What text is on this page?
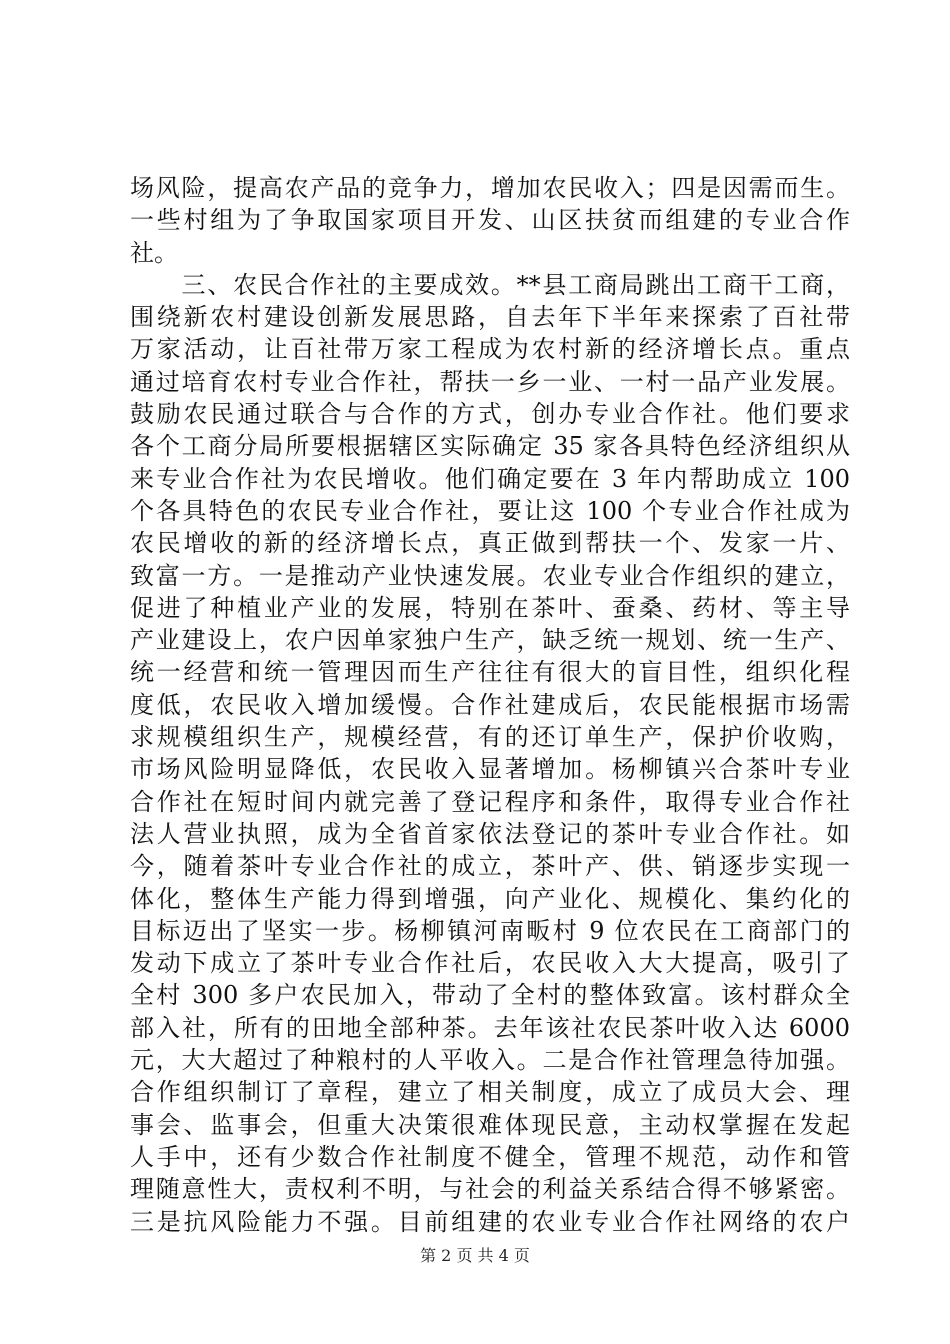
场风险，提高农产品的竞争力，增加农民收入；四是因需而生。
一些村组为了争取国家项目开发、山区扶贫而组建的专业合作
社。
　　三、农民合作社的主要成效。**县工商局跳出工商干工商，
围绕新农村建设创新发展思路，自去年下半年来探索了百社带
万家活动，让百社带万家工程成为农村新的经济增长点。重点
通过培育农村专业合作社，帮扶一乡一业、一村一品产业发展。
鼓励农民通过联合与合作的方式，创办专业合作社。他们要求
各个工商分局所要根据辖区实际确定 35 家各具特色经济组织从
来专业合作社为农民增收。他们确定要在 3 年内帮助成立 100
个各具特色的农民专业合作社，要让这 100 个专业合作社成为
农民增收的新的经济增长点，真正做到帮扶一个、发家一片、
致富一方。一是推动产业快速发展。农业专业合作组织的建立，
促进了种植业产业的发展，特别在茶叶、蚕桑、药材、等主导
产业建设上，农户因单家独户生产，缺乏统一规划、统一生产、
统一经营和统一管理因而生产往往有很大的盲目性，组织化程
度低，农民收入增加缓慢。合作社建成后，农民能根据市场需
求规模组织生产，规模经营，有的还订单生产，保护价收购，
市场风险明显降低，农民收入显著增加。杨柳镇兴合茶叶专业
合作社在短时间内就完善了登记程序和条件，取得专业合作社
法人营业执照，成为全省首家依法登记的茶叶专业合作社。如
今，随着茶叶专业合作社的成立，茶叶产、供、销逐步实现一
体化，整体生产能力得到增强，向产业化、规模化、集约化的
目标迈出了坚实一步。杨柳镇河南畈村 9 位农民在工商部门的
发动下成立了茶叶专业合作社后，农民收入大大提高，吸引了
全村 300 多户农民加入，带动了全村的整体致富。该村群众全
部入社，所有的田地全部种茶。去年该社农民茶叶收入达 6000
元，大大超过了种粮村的人平收入。二是合作社管理急待加强。
合作组织制订了章程，建立了相关制度，成立了成员大会、理
事会、监事会，但重大决策很难体现民意，主动权掌握在发起
人手中，还有少数合作社制度不健全，管理不规范，动作和管
理随意性大，责权利不明，与社会的利益关系结合得不够紧密。
三是抗风险能力不强。目前组建的农业专业合作社网络的农户
第 2 页 共 4 页
